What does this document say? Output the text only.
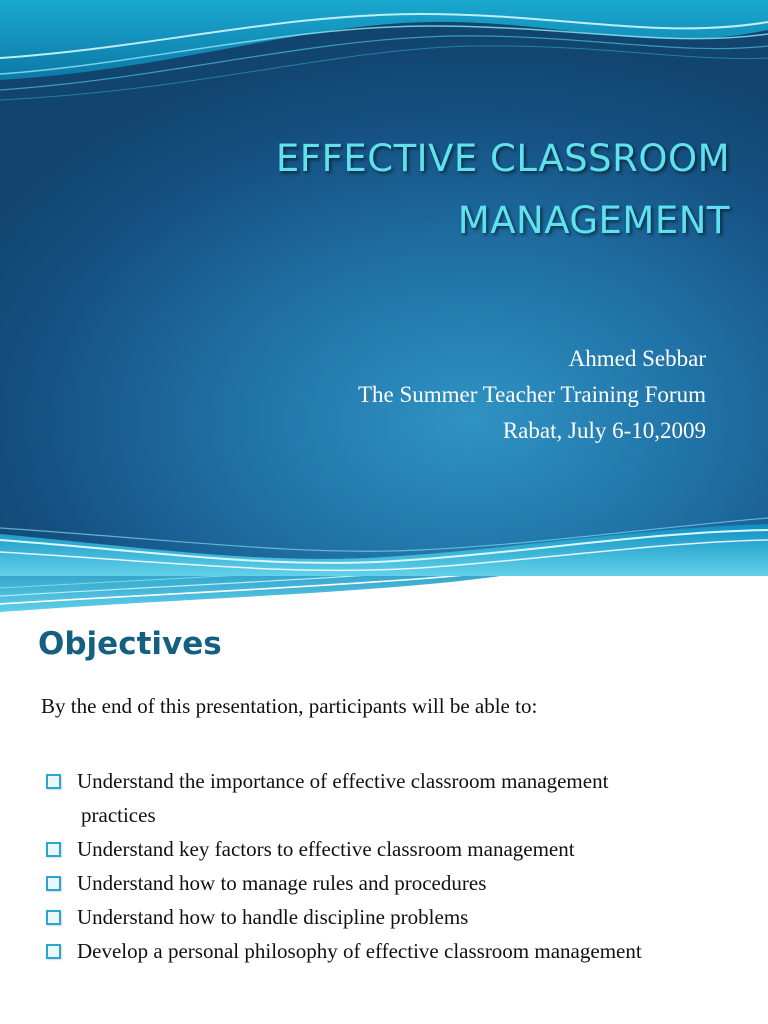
EFFECTIVE CLASSROOM
MANAGEMENT
Ahmed Sebbar
The Summer Teacher Training Forum
Rabat, July 6-10,2009
Objectives
By the end of this presentation, participants will be able to:
Understand the importance of effective classroom management
practices
Understand key factors to effective classroom management
Understand how to manage rules and procedures
Understand how to handle discipline problems
Develop a personal philosophy of effective classroom management
